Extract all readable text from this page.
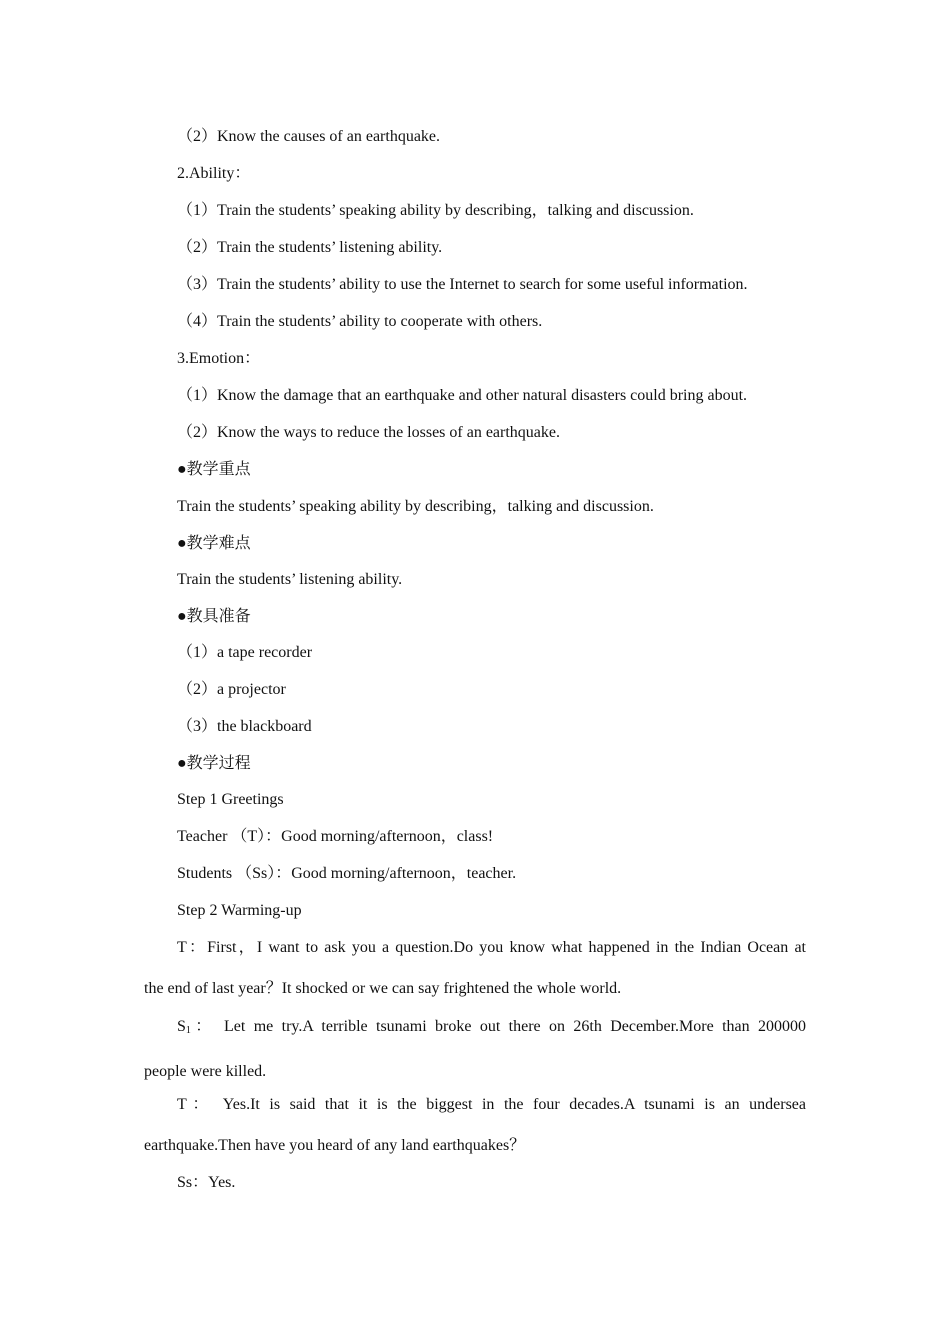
（2）Know the causes of an earthquake.
2.Ability：
（1）Train the students’ speaking ability by describing，talking and discussion.
（2）Train the students’ listening ability.
（3）Train the students’ ability to use the Internet to search for some useful information.
（4）Train the students’ ability to cooperate with others.
3.Emotion：
（1）Know the damage that an earthquake and other natural disasters could bring about.
（2）Know the ways to reduce the losses of an earthquake.
●教学重点
Train the students’ speaking ability by describing，talking and discussion.
●教学难点
Train the students’ listening ability.
●教具准备
（1）a tape recorder
（2）a projector
（3）the blackboard
●教学过程
Step 1 Greetings
Teacher （T）：Good morning/afternoon，class!
Students （Ss）：Good morning/afternoon，teacher.
Step 2 Warming-up
T：First，I want to ask you a question.Do you know what happened in the Indian Ocean at
the end of last year？It shocked or we can say frightened the whole world.
$S_1$： Let me try.A terrible tsunami broke out there on 26th December.More than 200000
people were killed.
T： Yes.It is said that it is the biggest in the four decades.A tsunami is an undersea
earthquake.Then have you heard of any land earthquakes？
Ss：Yes.
